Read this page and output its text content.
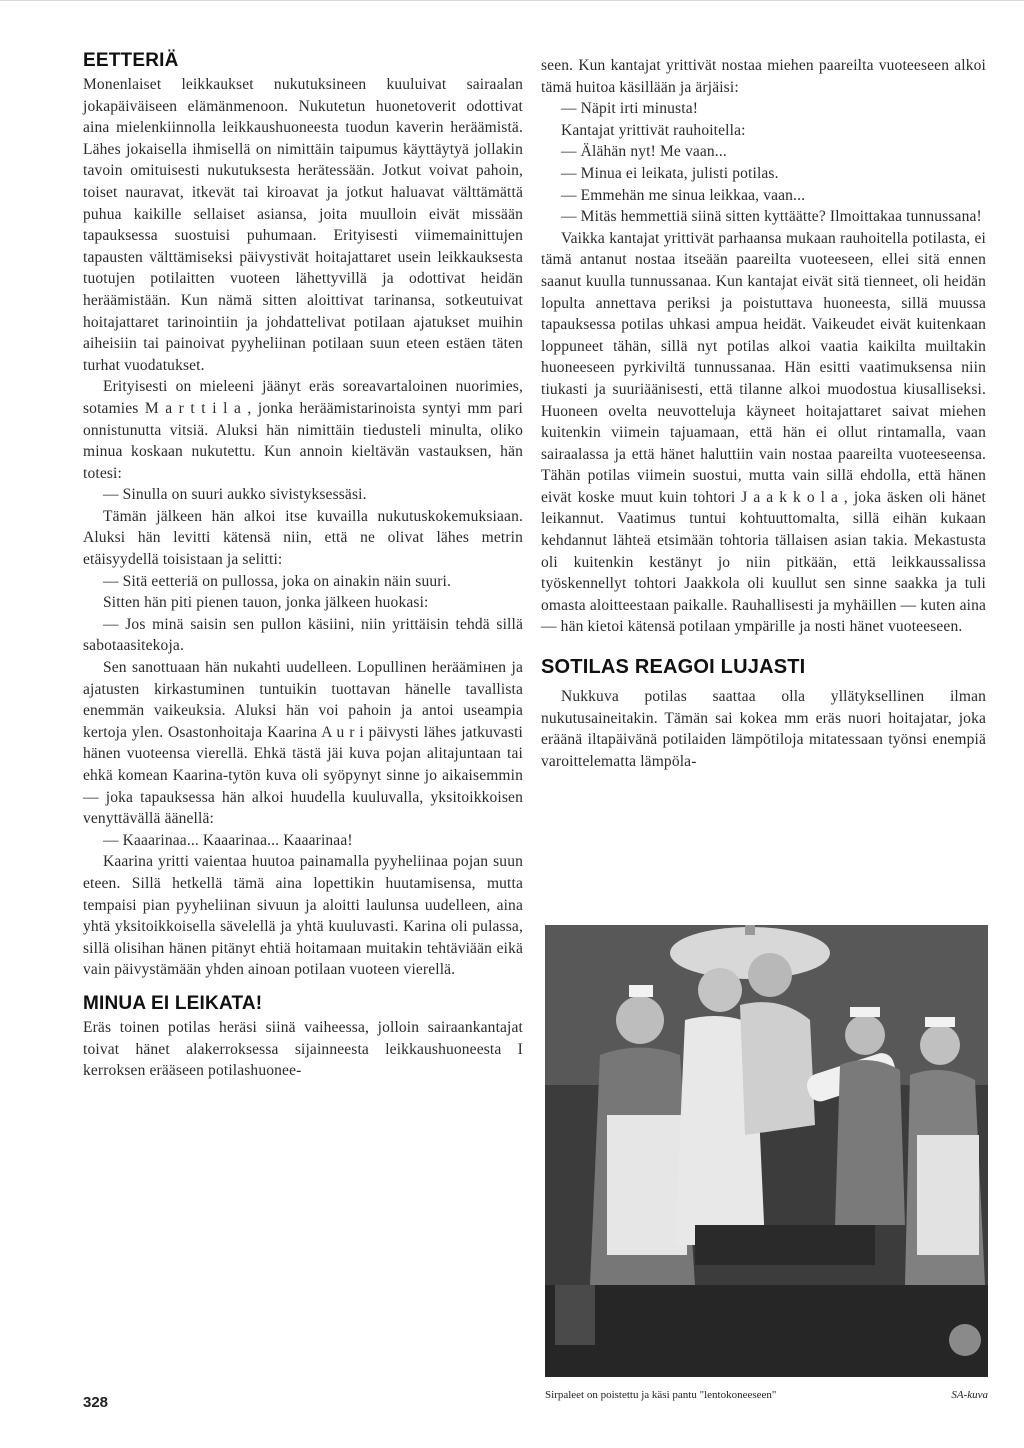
EETTERIÄ

Monenlaiset leikkaukset nukutuksineen kuuluivat sairaalan jokapäiväiseen elämänmenoon. Nukutetun huonetoverit odottivat aina mielenkiinnolla leikkaushuoneesta tuodun kaverin heräämistä. Lähes jokaisella ihmisellä on nimittäin taipumus käyttäytyä jollakin tavoin omituisesti nukutuksesta herätessään. Jotkut voivat pahoin, toiset nauravat, itkevät tai kiroavat ja jotkut haluavat välttämättä puhua kaikille sellaiset asiansa, joita muulloin eivät missään tapauksessa suostuisi puhumaan. Erityisesti viimemainittujen tapausten välttämiseksi päivystivät hoitajattaret usein leikkauksesta tuotujen potilaitten vuoteen lähettyvillä ja odottivat heidän heräämistään. Kun nämä sitten aloittivat tarinansa, sotkeutuivat hoitajattaret tarinointiin ja johdattelivat potilaan ajatukset muihin aiheisiin tai painoivat pyyheliinan potilaan suun eteen estäen täten turhat vuodatukset.

Erityisesti on mieleeni jäänyt eräs soreavartaloinen nuorimies, sotamies M a r t t i l a , jonka heräämistarinoista syntyi mm pari onnistunutta vitsiä. Aluksi hän nimittäin tiedusteli minulta, oliko minua koskaan nukutettu. Kun annoin kieltävän vastauksen, hän totesi:

— Sinulla on suuri aukko sivistyksessäsi.

Tämän jälkeen hän alkoi itse kuvailla nukutuskokemuksiaan. Aluksi hän levitti kätensä niin, että ne olivat lähes metrin etäisyydellä toisistaan ja selitti:

— Sitä eetteriä on pullossa, joka on ainakin näin suuri.

Sitten hän piti pienen tauon, jonka jälkeen huokasi:

— Jos minä saisin sen pullon käsiini, niin yrittäisin tehdä sillä sabotaasitekoja.

Sen sanottuaan hän nukahti uudelleen. Lopullinen heräämінen ja ajatusten kirkastuminen tuntuikin tuottavan hänelle tavallista enemmän vaikeuksia. Aluksi hän voi pahoin ja antoi useampia kertoja ylen. Osastonhoitaja Kaarina A u r i päivysti lähes jatkuvasti hänen vuoteensa vierellä. Ehkä tästä jäi kuva pojan alitajuntaan tai ehkä komean Kaarina-tytön kuva oli syöpynyt sinne jo aikaisemmin — joka tapauksessa hän alkoi huudella kuuluvalla, yksitoikkoisen venyttävällä äänellä:

— Kaaarinaa... Kaaarinaa... Kaaarinaa!

Kaarina yritti vaientaa huutoa painamalla pyyheliinaa pojan suun eteen. Sillä hetkellä tämä aina lopettikin huutamisensa, mutta tempaisi pian pyyheliinan sivuun ja aloitti laulunsa uudelleen, aina yhtä yksitoikkoisella sävelellä ja yhtä kuuluvasti. Karina oli pulassa, sillä olisihan hänen pitänyt ehtiä hoitamaan muitakin tehtäviään eikä vain päivystämään yhden ainoan potilaan vuoteen vierellä.

MINUA EI LEIKATA!

Eräs toinen potilas heräsi siinä vaiheessa, jolloin sairaankantajat toivat hänet alakerroksessa sijainneesta leikkaushuoneesta I kerroksen erääseen potilashuonee-

seen. Kun kantajat yrittivät nostaa miehen paareilta vuoteeseen alkoi tämä huitoa käsillään ja ärjäisi:

— Näpit irti minusta!

Kantajat yrittivät rauhoitella:

— Älähän nyt! Me vaan...

— Minua ei leikata, julisti potilas.

— Emmehän me sinua leikkaa, vaan...

— Mitäs hemmettiä siinä sitten kyttäätte? Ilmoittakaa tunnussana!

Vaikka kantajat yrittivät parhaansa mukaan rauhoitella potilasta, ei tämä antanut nostaa itseään paareilta vuoteeseen, ellei sitä ennen saanut kuulla tunnussanaa. Kun kantajat eivät sitä tienneet, oli heidän lopulta annettava periksi ja poistuttava huoneesta, sillä muussa tapauksessa potilas uhkasi ampua heidät. Vaikeudet eivät kuitenkaan loppuneet tähän, sillä nyt potilas alkoi vaatia kaikilta muiltakin huoneeseen pyrkiviltä tunnussanaa. Hän esitti vaatimuksensa niin tiukasti ja suuriäänisesti, että tilanne alkoi muodostua kiusalliseksi. Huoneen ovelta neuvotteluja käyneet hoitajattaret saivat miehen kuitenkin viimein tajuamaan, että hän ei ollut rintamalla, vaan sairaalassa ja että hänet haluttiin vain nostaa paareilta vuoteeseensa. Tähän potilas viimein suostui, mutta vain sillä ehdolla, että hänen eivät koske muut kuin tohtori J a a k k o l a , joka äsken oli hänet leikannut. Vaatimus tuntui kohtuuttomalta, sillä eihän kukaan kehdannut lähteä etsimään tohtoria tällaisen asian takia. Mekastusta oli kuitenkin kestänyt jo niin pitkään, että leikkaussalissa työskennellyt tohtori Jaakkola oli kuullut sen sinne saakka ja tuli omasta aloitteestaan paikalle. Rauhallisesti ja myhäillen — kuten aina — hän kietoi kätensä potilaan ympärille ja nosti hänet vuoteeseen.

SOTILAS REAGOI LUJASTI

Nukkuva potilas saattaa olla yllätyksellinen ilman nukutusaineitakin. Tämän sai kokea mm eräs nuori hoitajatar, joka eräänä iltapäivänä potilaiden lämpötiloja mitatessaan työnsi enempiä varoittelematta lämpöla-

Sirpaleet on poistettu ja käsi pantu "lentokoneeseen"	SA-kuva
328
